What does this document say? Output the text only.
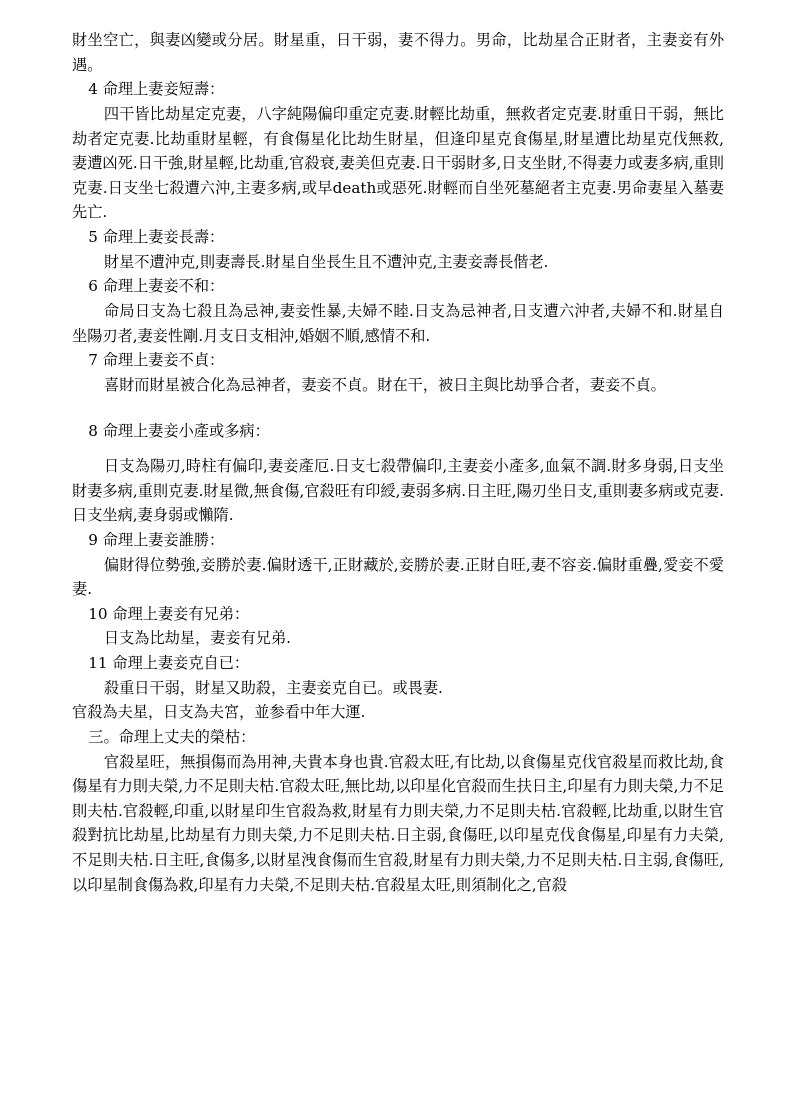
財坐空亡，與妻凶變或分居。財星重，日干弱，妻不得力。男命，比劫星合正財者，主妻妾有外遇。

4 命理上妻妾短壽：

四干皆比劫星定克妻，八字純陽偏印重定克妻.財輕比劫重，無救者定克妻.財重日干弱，無比劫者定克妻.比劫重財星輕，有食傷星化比劫生財星，但逢印星克食傷星,財星遭比劫星克伐無救,妻遭凶死.日干強,財星輕,比劫重,官殺衰,妻美但克妻.日干弱財多,日支坐財,不得妻力或妻多病,重則克妻.日支坐七殺遭六沖,主妻多病,或早death或惡死.財輕而自坐死墓絕者主克妻.男命妻星入墓妻先亡.

5 命理上妻妾長壽：

財星不遭沖克,則妻壽長.財星自坐長生且不遭沖克,主妻妾壽長偕老.

6 命理上妻妾不和：

命局日支為七殺且為忌神,妻妾性暴,夫婦不睦.日支為忌神者,日支遭六沖者,夫婦不和.財星自坐陽刃者,妻妾性剛.月支日支相沖,婚姻不順,感情不和.

7 命理上妻妾不貞：

喜財而財星被合化為忌神者，妻妾不貞。財在干，被日主與比劫爭合者，妻妾不貞。

8 命理上妻妾小產或多病：

日支為陽刃,時柱有偏印,妻妾產厄.日支七殺帶偏印,主妻妾小產多,血氣不調.財多身弱,日支坐財妻多病,重則克妻.財星微,無食傷,官殺旺有印綬,妻弱多病.日主旺,陽刃坐日支,重則妻多病或克妻.日支坐病,妻身弱或懶隋.

9 命理上妻妾誰勝：

偏財得位勢強,妾勝於妻.偏財透干,正財藏於,妾勝於妻.正財自旺,妻不容妾.偏財重疊,愛妾不愛妻.

10 命理上妻妾有兄弟：

日支為比劫星，妻妾有兄弟.

11 命理上妻妾克自已：

殺重日干弱，財星又助殺，主妻妾克自已。或畏妻.

官殺為夫星，日支為夫宮，並参看中年大運.

三。命理上丈夫的榮枯：

官殺星旺，無損傷而為用神,夫貴本身也貴.官殺太旺,有比劫,以食傷星克伐官殺星而救比劫,食傷星有力則夫榮,力不足則夫枯.官殺太旺,無比劫,以印星化官殺而生扶日主,印星有力則夫榮,力不足則夫枯.官殺輕,印重,以財星印生官殺為救,財星有力則夫榮,力不足則夫枯.官殺輕,比劫重,以財生官殺對抗比劫星,比劫星有力則夫榮,力不足則夫枯.日主弱,食傷旺,以印星克伐食傷星,印星有力夫榮,不足則夫枯.日主旺,食傷多,以財星洩食傷而生官殺,財星有力則夫榮,力不足則夫枯.日主弱,食傷旺,以印星制食傷為救,印星有力夫榮,不足則夫枯.官殺星太旺,則須制化之,官殺
